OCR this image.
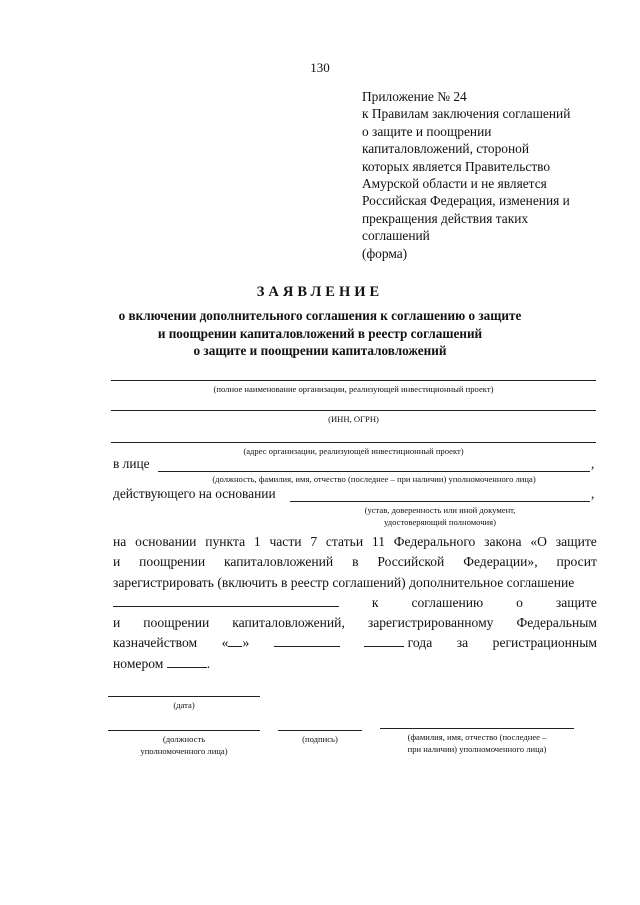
130
Приложение № 24
к Правилам заключения соглашений
о защите и поощрении
капиталовложений, стороной
которых является Правительство
Амурской области и не является
Российская Федерация, изменения и
прекращения действия таких
соглашений
(форма)
ЗАЯВЛЕНИЕ
о включении дополнительного соглашения к соглашению о защите
и поощрении капиталовложений в реестр соглашений
о защите и поощрении капиталовложений
(полное наименование организации, реализующей инвестиционный проект)
(ИНН, ОГРН)
(адрес организации, реализующей инвестиционный проект)
в лице	,
(должность, фамилия, имя, отчество (последнее – при наличии) уполномоченного лица)
действующего на основании	,
(устав, доверенность или иной документ,
удостоверяющий полномочия)
на основании пункта 1 части 7 статьи 11 Федерального закона «О защите
и поощрении капиталовложений в Российской Федерации», просит
зарегистрировать (включить в реестр соглашений) дополнительное соглашение
к соглашению о защите
и поощрении капиталовложений, зарегистрированному Федеральным
казначейством « »	года за регистрационным
номером
	.
(дата)
(должность
уполномоченного лица)
(подпись)	(фамилия, имя, отчество (последнее –
при наличии) уполномоченного лица)
